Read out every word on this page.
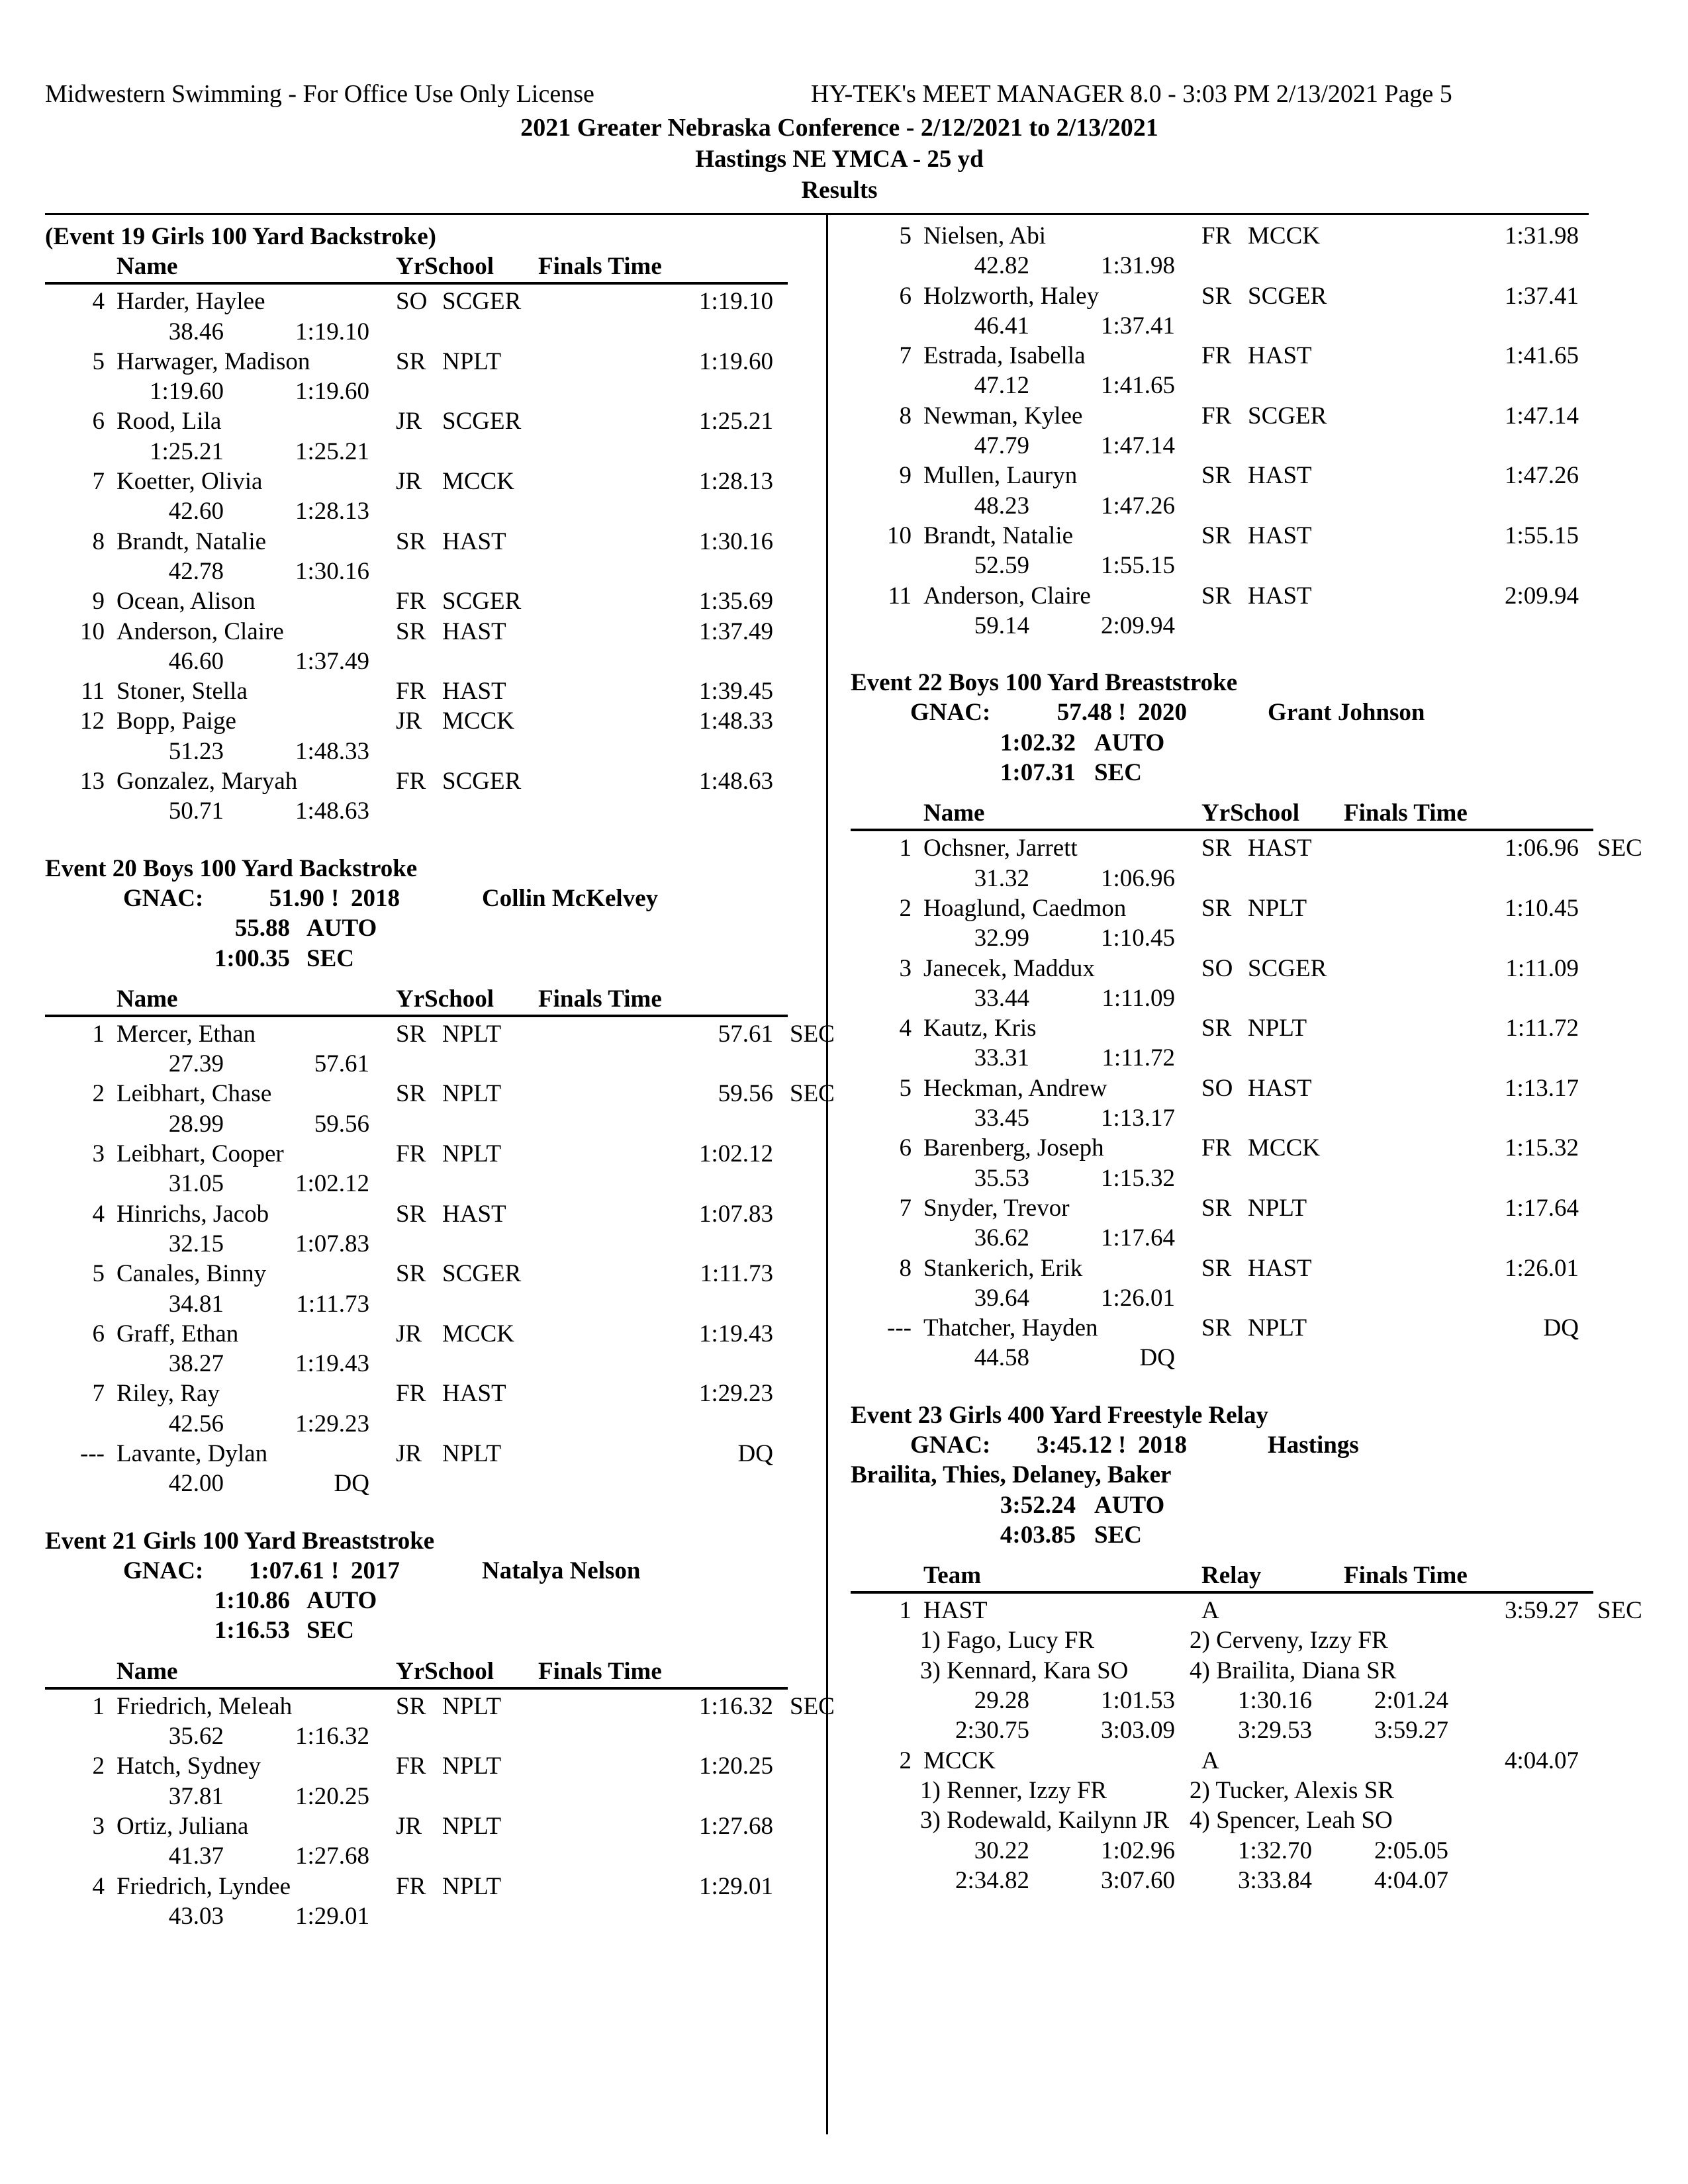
Midwestern Swimming - For Office Use Only License	HY-TEK's MEET MANAGER 8.0 - 3:03 PM 2/13/2021 Page 5
2021 Greater Nebraska Conference - 2/12/2021 to 2/13/2021
Hastings NE YMCA - 25 yd
Results
(Event 19 Girls 100 Yard Backstroke)
Name	YrSchool Finals Time
4 Harder, Haylee	SO SCGER	1:19.10
38.46	1:19.10
5 Harwager, Madison	SR NPLT	1:19.60
1:19.60	1:19.60
6 Rood, Lila	JR SCGER	1:25.21
1:25.21	1:25.21
7 Koetter, Olivia	JR MCCK	1:28.13
42.60	1:28.13
8 Brandt, Natalie	SR HAST	1:30.16
42.78	1:30.16
9 Ocean, Alison	FR SCGER	1:35.69
10 Anderson, Claire	SR HAST	1:37.49
46.60	1:37.49
11 Stoner, Stella	FR HAST	1:39.45
12 Bopp, Paige	JR MCCK	1:48.33
51.23	1:48.33
13 Gonzalez, Maryah	FR SCGER	1:48.63
50.71	1:48.63
Event 20 Boys 100 Yard Backstroke
GNAC:	51.90 ! 2018	Collin McKelvey
55.88 AUTO
1:00.35 SEC
Name	YrSchool Finals Time
1 Mercer, Ethan	SR NPLT	57.61 SEC
27.39	57.61
2 Leibhart, Chase	SR NPLT	59.56 SEC
28.99	59.56
3 Leibhart, Cooper	FR NPLT	1:02.12
31.05	1:02.12
4 Hinrichs, Jacob	SR HAST	1:07.83
32.15	1:07.83
5 Canales, Binny	SR SCGER	1:11.73
34.81	1:11.73
6 Graff, Ethan	JR MCCK	1:19.43
38.27	1:19.43
7 Riley, Ray	FR HAST	1:29.23
42.56	1:29.23
--- Lavante, Dylan	JR NPLT	DQ
42.00	DQ
Event 21 Girls 100 Yard Breaststroke
GNAC:	1:07.61 ! 2017	Natalya Nelson
1:10.86 AUTO
1:16.53 SEC
Name	YrSchool Finals Time
1 Friedrich, Meleah	SR NPLT	1:16.32 SEC
35.62	1:16.32
2 Hatch, Sydney	FR NPLT	1:20.25
37.81	1:20.25
3 Ortiz, Juliana	JR NPLT	1:27.68
41.37	1:27.68
4 Friedrich, Lyndee	FR NPLT	1:29.01
43.03	1:29.01
5 Nielsen, Abi	FR MCCK	1:31.98
42.82	1:31.98
6 Holzworth, Haley	SR SCGER	1:37.41
46.41	1:37.41
7 Estrada, Isabella	FR HAST	1:41.65
47.12	1:41.65
8 Newman, Kylee	FR SCGER	1:47.14
47.79	1:47.14
9 Mullen, Lauryn	SR HAST	1:47.26
48.23	1:47.26
10 Brandt, Natalie	SR HAST	1:55.15
52.59	1:55.15
11 Anderson, Claire	SR HAST	2:09.94
59.14	2:09.94
Event 22 Boys 100 Yard Breaststroke
GNAC:	57.48 ! 2020	Grant Johnson
1:02.32 AUTO
1:07.31 SEC
Name	YrSchool Finals Time
1 Ochsner, Jarrett	SR HAST	1:06.96 SEC
31.32	1:06.96
2 Hoaglund, Caedmon	SR NPLT	1:10.45
32.99	1:10.45
3 Janecek, Maddux	SO SCGER	1:11.09
33.44	1:11.09
4 Kautz, Kris	SR NPLT	1:11.72
33.31	1:11.72
5 Heckman, Andrew	SO HAST	1:13.17
33.45	1:13.17
6 Barenberg, Joseph	FR MCCK	1:15.32
35.53	1:15.32
7 Snyder, Trevor	SR NPLT	1:17.64
36.62	1:17.64
8 Stankerich, Erik	SR HAST	1:26.01
39.64	1:26.01
--- Thatcher, Hayden	SR NPLT	DQ
44.58	DQ
Event 23 Girls 400 Yard Freestyle Relay
GNAC:	3:45.12 ! 2018	Hastings
Brailita, Thies, Delaney, Baker
3:52.24 AUTO
4:03.85 SEC
Team	Relay	Finals Time
1 HAST	A	3:59.27 SEC
1) Fago, Lucy FR	2) Cerveny, Izzy FR
3) Kennard, Kara SO	4) Brailita, Diana SR
29.28	1:01.53	1:30.16	2:01.24
2:30.75	3:03.09	3:29.53	3:59.27
2 MCCK	A	4:04.07
1) Renner, Izzy FR	2) Tucker, Alexis SR
3) Rodewald, Kailynn JR 4) Spencer, Leah SO
30.22	1:02.96	1:32.70	2:05.05
2:34.82	3:07.60	3:33.84	4:04.07
